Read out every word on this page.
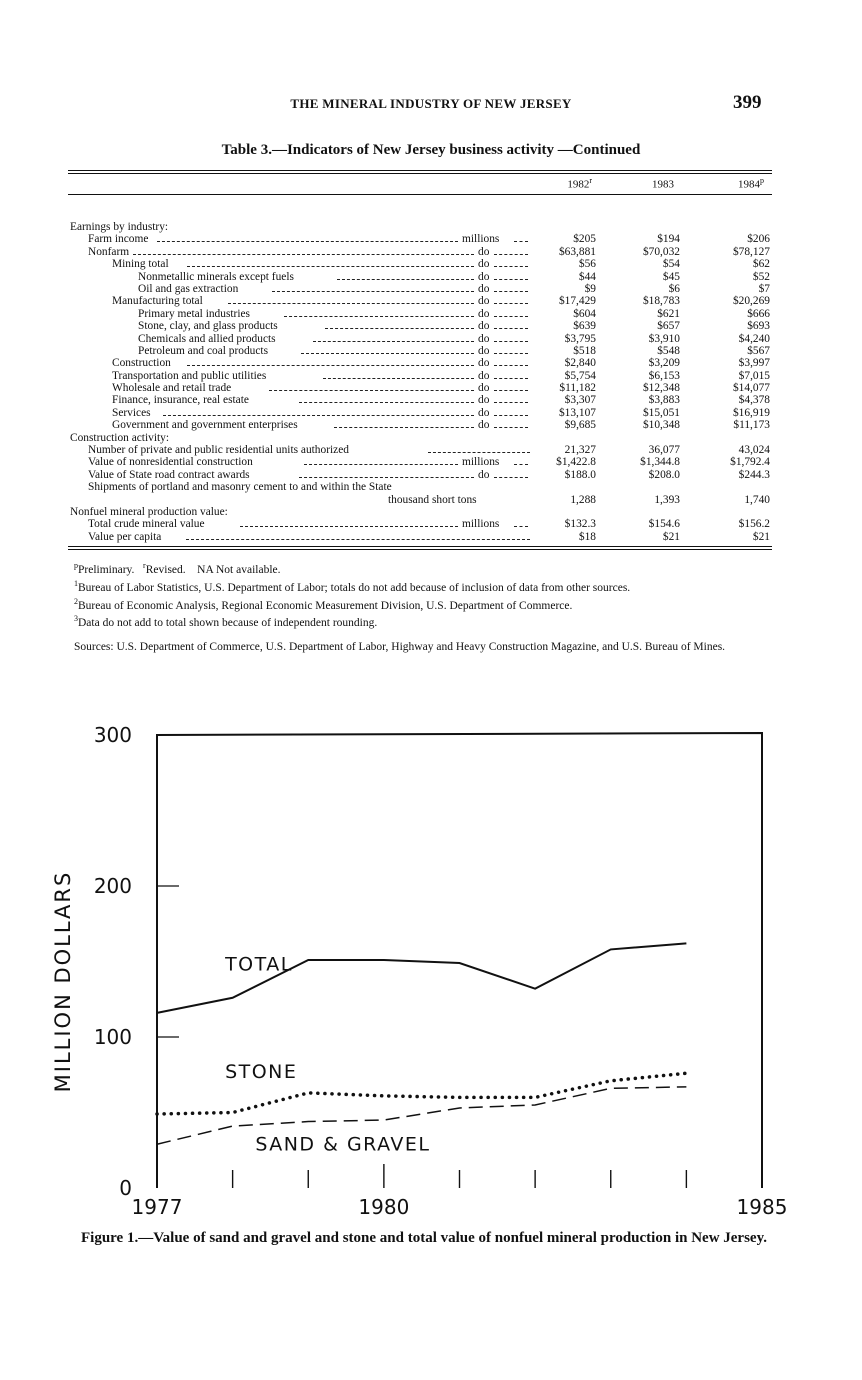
THE MINERAL INDUSTRY OF NEW JERSEY	399
Table 3.—Indicators of New Jersey business activity —Continued
1982$^r$	1983	1984$^p$
Earnings by industry:
Farm income	millions	$205	$194	$206
Nonfarm	do	$63,881	$70,032	$78,127
Mining total	do	$56	$54	$62
Nonmetallic minerals except fuels	do	$44	$45	$52
Oil and gas extraction	do	$9	$6	$7
Manufacturing total	do	$17,429	$18,783	$20,269
Primary metal industries	do	$604	$621	$666
Stone, clay, and glass products	do	$639	$657	$693
Chemicals and allied products	do	$3,795	$3,910	$4,240
Petroleum and coal products	do	$518	$548	$567
Construction	do	$2,840	$3,209	$3,997
Transportation and public utilities	do	$5,754	$6,153	$7,015
Wholesale and retail trade	do	$11,182	$12,348	$14,077
Finance, insurance, real estate	do	$3,307	$3,883	$4,378
Services	do	$13,107	$15,051	$16,919
Government and government enterprises	do	$9,685	$10,348	$11,173
Construction activity:
Number of private and public residential units authorized	21,327	36,077	43,024
Value of nonresidential construction	millions	$1,422.8	$1,344.8	$1,792.4
Value of State road contract awards	do	$188.0	$208.0	$244.3
Shipments of portland and masonry cement to and within the State
thousand short tons	1,288	1,393	1,740
Nonfuel mineral production value:
Total crude mineral value	millions	$132.3	$154.6	$156.2
Value per capita	$18	$21	$21

$^p$Preliminary. $^r$Revised. NA Not available.

$^1$Bureau of Labor Statistics, U.S. Department of Labor; totals do not add because of inclusion of data from other sources.

$^2$Bureau of Economic Analysis, Regional Economic Measurement Division, U.S. Department of Commerce.

$^3$Data do not add to total shown because of independent rounding.

Sources: U.S. Department of Commerce, U.S. Department of Labor, Highway and Heavy Construction Magazine, and U.S. Bureau of Mines.

0
100
200
300
1977	1980	1985
MILLION DOLLARS	TOTAL
STONE
SAND & GRAVEL
Figure 1.—Value of sand and gravel and stone and total value of nonfuel mineral production in New Jersey.
